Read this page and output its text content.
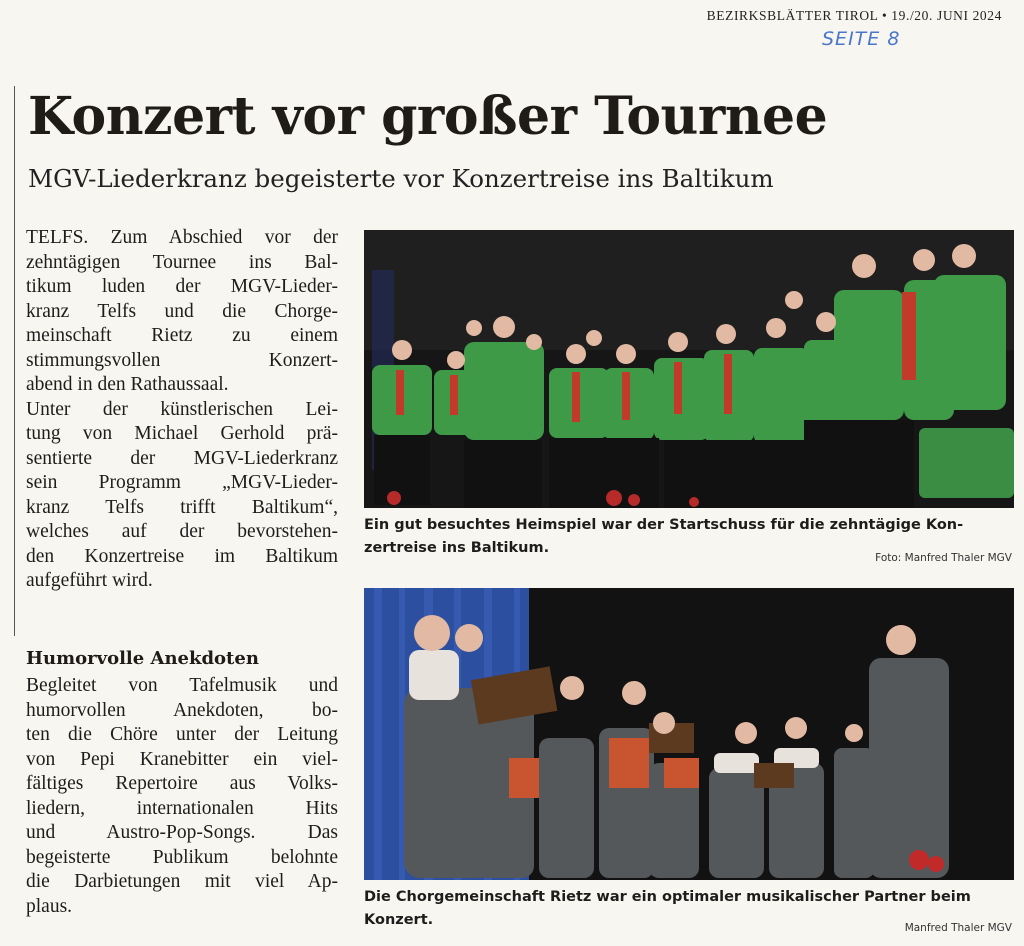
BEZIRKSBLÄTTER TIROL • 19./20. JUNI 2024
SEITE 8
Konzert vor großer Tournee
MGV-Liederkranz begeisterte vor Konzertreise ins Baltikum

TELFS. Zum Abschied vor der
zehntägigen Tournee ins Bal-
tikum luden der MGV-Lieder-
kranz Telfs und die Chorge-
meinschaft Rietz zu einem
stimmungsvollen Konzert-
abend in den Rathaussaal.

Unter der künstlerischen Lei-
tung von Michael Gerhold prä-
sentierte der MGV-Liederkranz
sein Programm „MGV-Lieder-
kranz Telfs trifft Baltikum“,
welches auf der bevorstehen-
den Konzertreise im Baltikum
aufgeführt wird.

Humorvolle Anekdoten

Begleitet von Tafelmusik und
humorvollen Anekdoten, bo-
ten die Chöre unter der Leitung
von Pepi Kranebitter ein viel-
fältiges Repertoire aus Volks-
liedern, internationalen Hits
und Austro-Pop-Songs. Das
begeisterte Publikum belohnte
die Darbietungen mit viel Ap-
plaus.

Ein gut besuchtes Heimspiel war der Startschuss für die zehntägige Kon-
zertreise ins Baltikum.
Foto: Manfred Thaler MGV
Die Chorgemeinschaft Rietz war ein optimaler musikalischer Partner beim
Konzert.	Manfred Thaler MGV
